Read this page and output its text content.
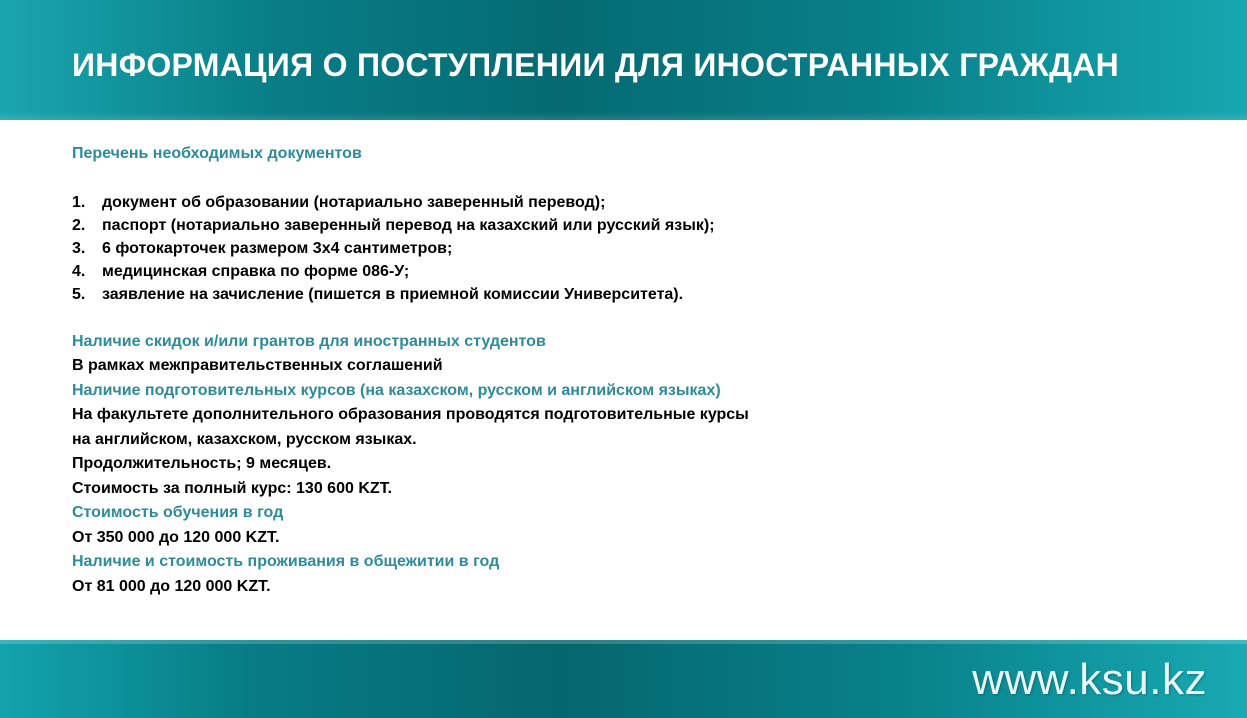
ИНФОРМАЦИЯ О ПОСТУПЛЕНИИ ДЛЯ ИНОСТРАННЫХ ГРАЖДАН
Перечень необходимых документов
1.	документ об образовании (нотариально заверенный перевод);
2.	паспорт (нотариально заверенный перевод на казахский или русский язык);
3.	6 фотокарточек размером 3х4 сантиметров;
4.	медицинская справка по форме 086-У;
5.	заявление на зачисление (пишется в приемной комиссии Университета).
Наличие скидок и/или грантов для иностранных студентов
В рамках межправительственных соглашений
Наличие подготовительных курсов (на казахском, русском и английском языках)
На факультете дополнительного образования проводятся подготовительные курсы
на английском, казахском, русском языках.
Продолжительность; 9 месяцев.
Стоимость за полный курс: 130 600 KZT.
Стоимость обучения в год
От 350 000 до 120 000 KZT.
Наличие и стоимость проживания в общежитии в год
От 81 000 до 120 000 KZT.
www.ksu.kz
